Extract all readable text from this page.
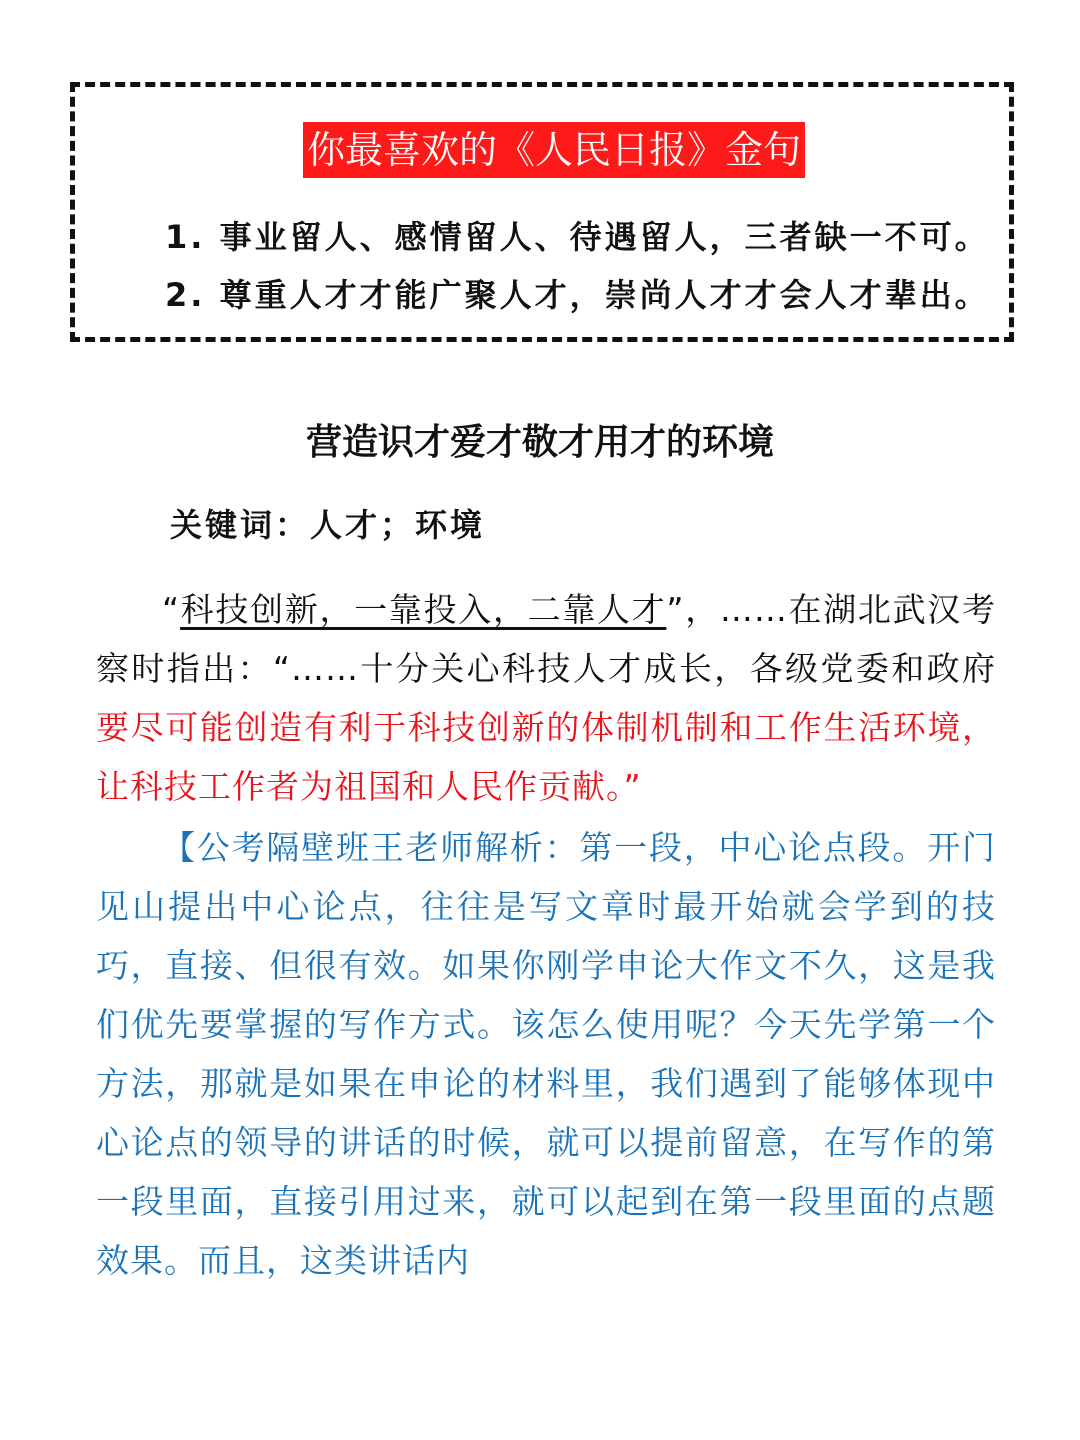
你最喜欢的《人民日报》金句
1. 事业留人、感情留人、待遇留人，三者缺一不可。
2. 尊重人才才能广聚人才，崇尚人才才会人才辈出。
营造识才爱才敬才用才的环境
关键词：人才；环境
“科技创新，一靠投入，二靠人才”，……在湖北武汉考察时指出：“……十分关心科技人才成长，各级党委和政府要尽可能创造有利于科技创新的体制机制和工作生活环境，让科技工作者为祖国和人民作贡献。”
【公考隔壁班王老师解析：第一段，中心论点段。开门见山提出中心论点，往往是写文章时最开始就会学到的技巧，直接、但很有效。如果你刚学申论大作文不久，这是我们优先要掌握的写作方式。该怎么使用呢？今天先学第一个方法，那就是如果在申论的材料里，我们遇到了能够体现中心论点的领导的讲话的时候，就可以提前留意，在写作的第一段里面，直接引用过来，就可以起到在第一段里面的点题效果。而且，这类讲话内
